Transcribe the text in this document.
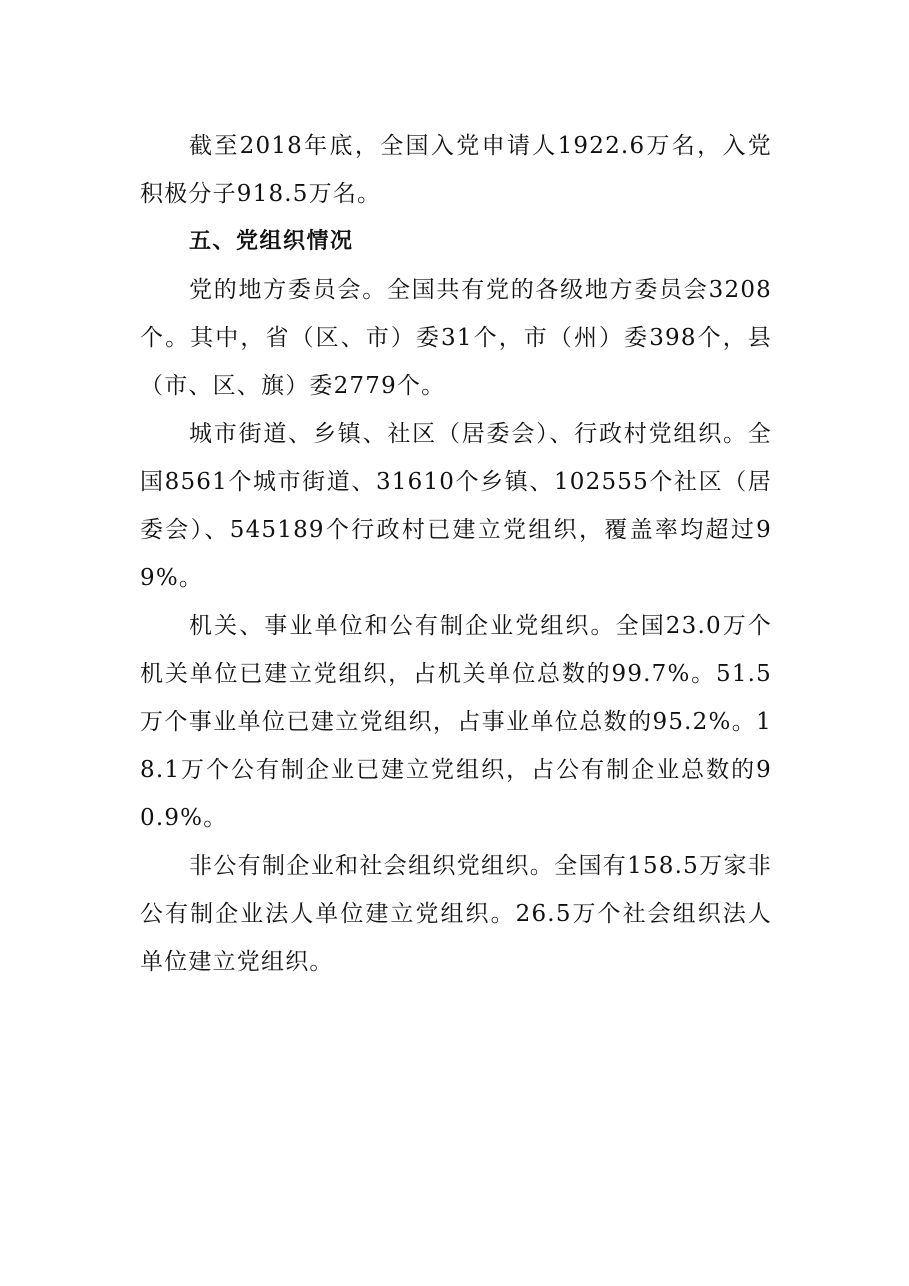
截至2018年底，全国入党申请人1922.6万名，入党积极分子918.5万名。

五、党组织情况

党的地方委员会。全国共有党的各级地方委员会3208个。其中，省（区、市）委31个，市（州）委398个，县（市、区、旗）委2779个。

城市街道、乡镇、社区（居委会）、行政村党组织。全国8561个城市街道、31610个乡镇、102555个社区（居委会）、545189个行政村已建立党组织，覆盖率均超过99%。

机关、事业单位和公有制企业党组织。全国23.0万个机关单位已建立党组织，占机关单位总数的99.7%。51.5万个事业单位已建立党组织，占事业单位总数的95.2%。18.1万个公有制企业已建立党组织，占公有制企业总数的90.9%。

非公有制企业和社会组织党组织。全国有158.5万家非公有制企业法人单位建立党组织。26.5万个社会组织法人单位建立党组织。
